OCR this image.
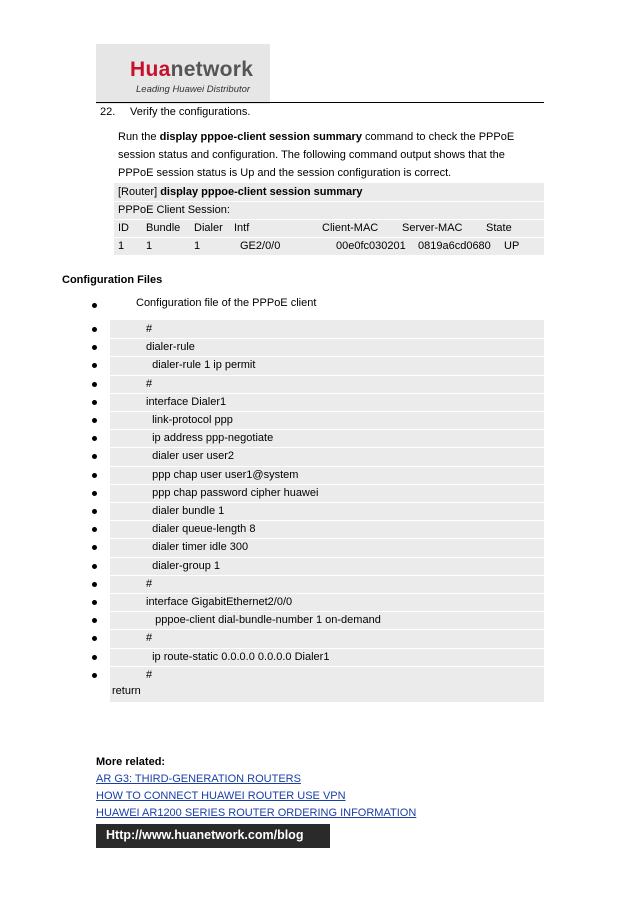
Huanetwork
Leading Huawei Distributor
22. Verify the configurations.
Run the display pppoe-client session summary command to check the PPPoE
session status and configuration. The following command output shows that the
PPPoE session status is Up and the session configuration is correct.
[Router] display pppoe-client session summary
PPPoE Client Session:
ID Bundle Dialer Intf	Client-MAC Server-MAC State
1 1	1	GE2/0/0	00e0fc030201 0819a6cd0680 UP
Configuration Files
Configuration file of the PPPoE client
#
dialer-rule
dialer-rule 1 ip permit
#
interface Dialer1
link-protocol ppp
ip address ppp-negotiate
dialer user user2
ppp chap user user1@system
ppp chap password cipher huawei
dialer bundle 1
dialer queue-length 8
dialer timer idle 300
dialer-group 1
#
interface GigabitEthernet2/0/0
pppoe-client dial-bundle-number 1 on-demand
#
ip route-static 0.0.0.0 0.0.0.0 Dialer1
#
return
More related:
AR G3: THIRD-GENERATION ROUTERS
HOW TO CONNECT HUAWEI ROUTER USE VPN
HUAWEI AR1200 SERIES ROUTER ORDERING INFORMATION
Http://www.huanetwork.com/blog
